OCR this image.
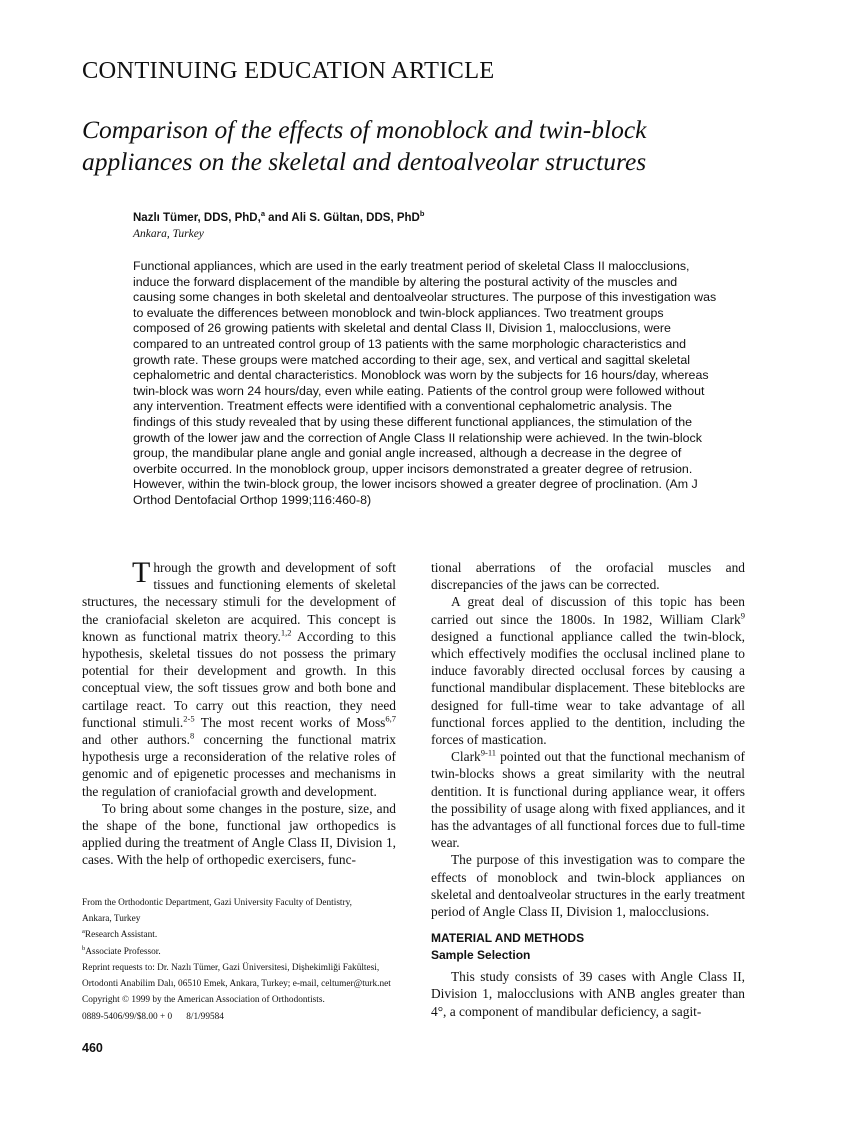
CONTINUING EDUCATION ARTICLE
Comparison of the effects of monoblock and twin-block appliances on the skeletal and dentoalveolar structures
Nazlı Tümer, DDS, PhD,$^a$ and Ali S. Gültan, DDS, PhD$^b$
Ankara, Turkey
Functional appliances, which are used in the early treatment period of skeletal Class II malocclusions, induce the forward displacement of the mandible by altering the postural activity of the muscles and causing some changes in both skeletal and dentoalveolar structures. The purpose of this investigation was to evaluate the differences between monoblock and twin-block appliances. Two treatment groups composed of 26 growing patients with skeletal and dental Class II, Division 1, malocclusions, were compared to an untreated control group of 13 patients with the same morphologic characteristics and growth rate. These groups were matched according to their age, sex, and vertical and sagittal skeletal cephalometric and dental characteristics. Monoblock was worn by the subjects for 16 hours/day, whereas twin-block was worn 24 hours/day, even while eating. Patients of the control group were followed without any intervention. Treatment effects were identified with a conventional cephalometric analysis. The findings of this study revealed that by using these different functional appliances, the stimulation of the growth of the lower jaw and the correction of Angle Class II relationship were achieved. In the twin-block group, the mandibular plane angle and gonial angle increased, although a decrease in the degree of overbite occurred. In the monoblock group, upper incisors demonstrated a greater degree of retrusion. However, within the twin-block group, the lower incisors showed a greater degree of proclination. (Am J Orthod Dentofacial Orthop 1999;116:460-8)

Through the growth and development of soft tissues and functioning elements of skeletal structures, the necessary stimuli for the development of the craniofacial skeleton are acquired. This concept is known as functional matrix theory.$^{1,2}$ According to this hypothesis, skeletal tissues do not possess the primary potential for their development and growth. In this conceptual view, the soft tissues grow and both bone and cartilage react. To carry out this reaction, they need functional stimuli.$^{2-5}$ The most recent works of Moss$^{6,7}$ and other authors.$^8$ concerning the functional matrix hypothesis urge a reconsideration of the relative roles of genomic and of epigenetic processes and mechanisms in the regulation of craniofacial growth and development.

To bring about some changes in the posture, size, and the shape of the bone, functional jaw orthopedics is applied during the treatment of Angle Class II, Division 1, cases. With the help of orthopedic exercisers, func-

From the Orthodontic Department, Gazi University Faculty of Dentistry,
Ankara, Turkey
$^a$Research Assistant.
$^b$Associate Professor.
Reprint requests to: Dr. Nazlı Tümer, Gazi Üniversitesi, Dişhekimliği Fakültesi,
Ortodonti Anabilim Dalı, 06510 Emek, Ankara, Turkey; e-mail, celtumer@turk.net
Copyright © 1999 by the American Association of Orthodontists.
0889-5406/99/$8.00 + 0 8/1/99584
460

tional aberrations of the orofacial muscles and discrepancies of the jaws can be corrected.

A great deal of discussion of this topic has been carried out since the 1800s. In 1982, William Clark$^9$ designed a functional appliance called the twin-block, which effectively modifies the occlusal inclined plane to induce favorably directed occlusal forces by causing a functional mandibular displacement. These biteblocks are designed for full-time wear to take advantage of all functional forces applied to the dentition, including the forces of mastication.

Clark$^{9-11}$ pointed out that the functional mechanism of twin-blocks shows a great similarity with the neutral dentition. It is functional during appliance wear, it offers the possibility of usage along with fixed appliances, and it has the advantages of all functional forces due to full-time wear.

The purpose of this investigation was to compare the effects of monoblock and twin-block appliances on skeletal and dentoalveolar structures in the early treatment period of Angle Class II, Division 1, malocclusions.

MATERIAL AND METHODS

Sample Selection

This study consists of 39 cases with Angle Class II, Division 1, malocclusions with ANB angles greater than 4°, a component of mandibular deficiency, a sagit-
